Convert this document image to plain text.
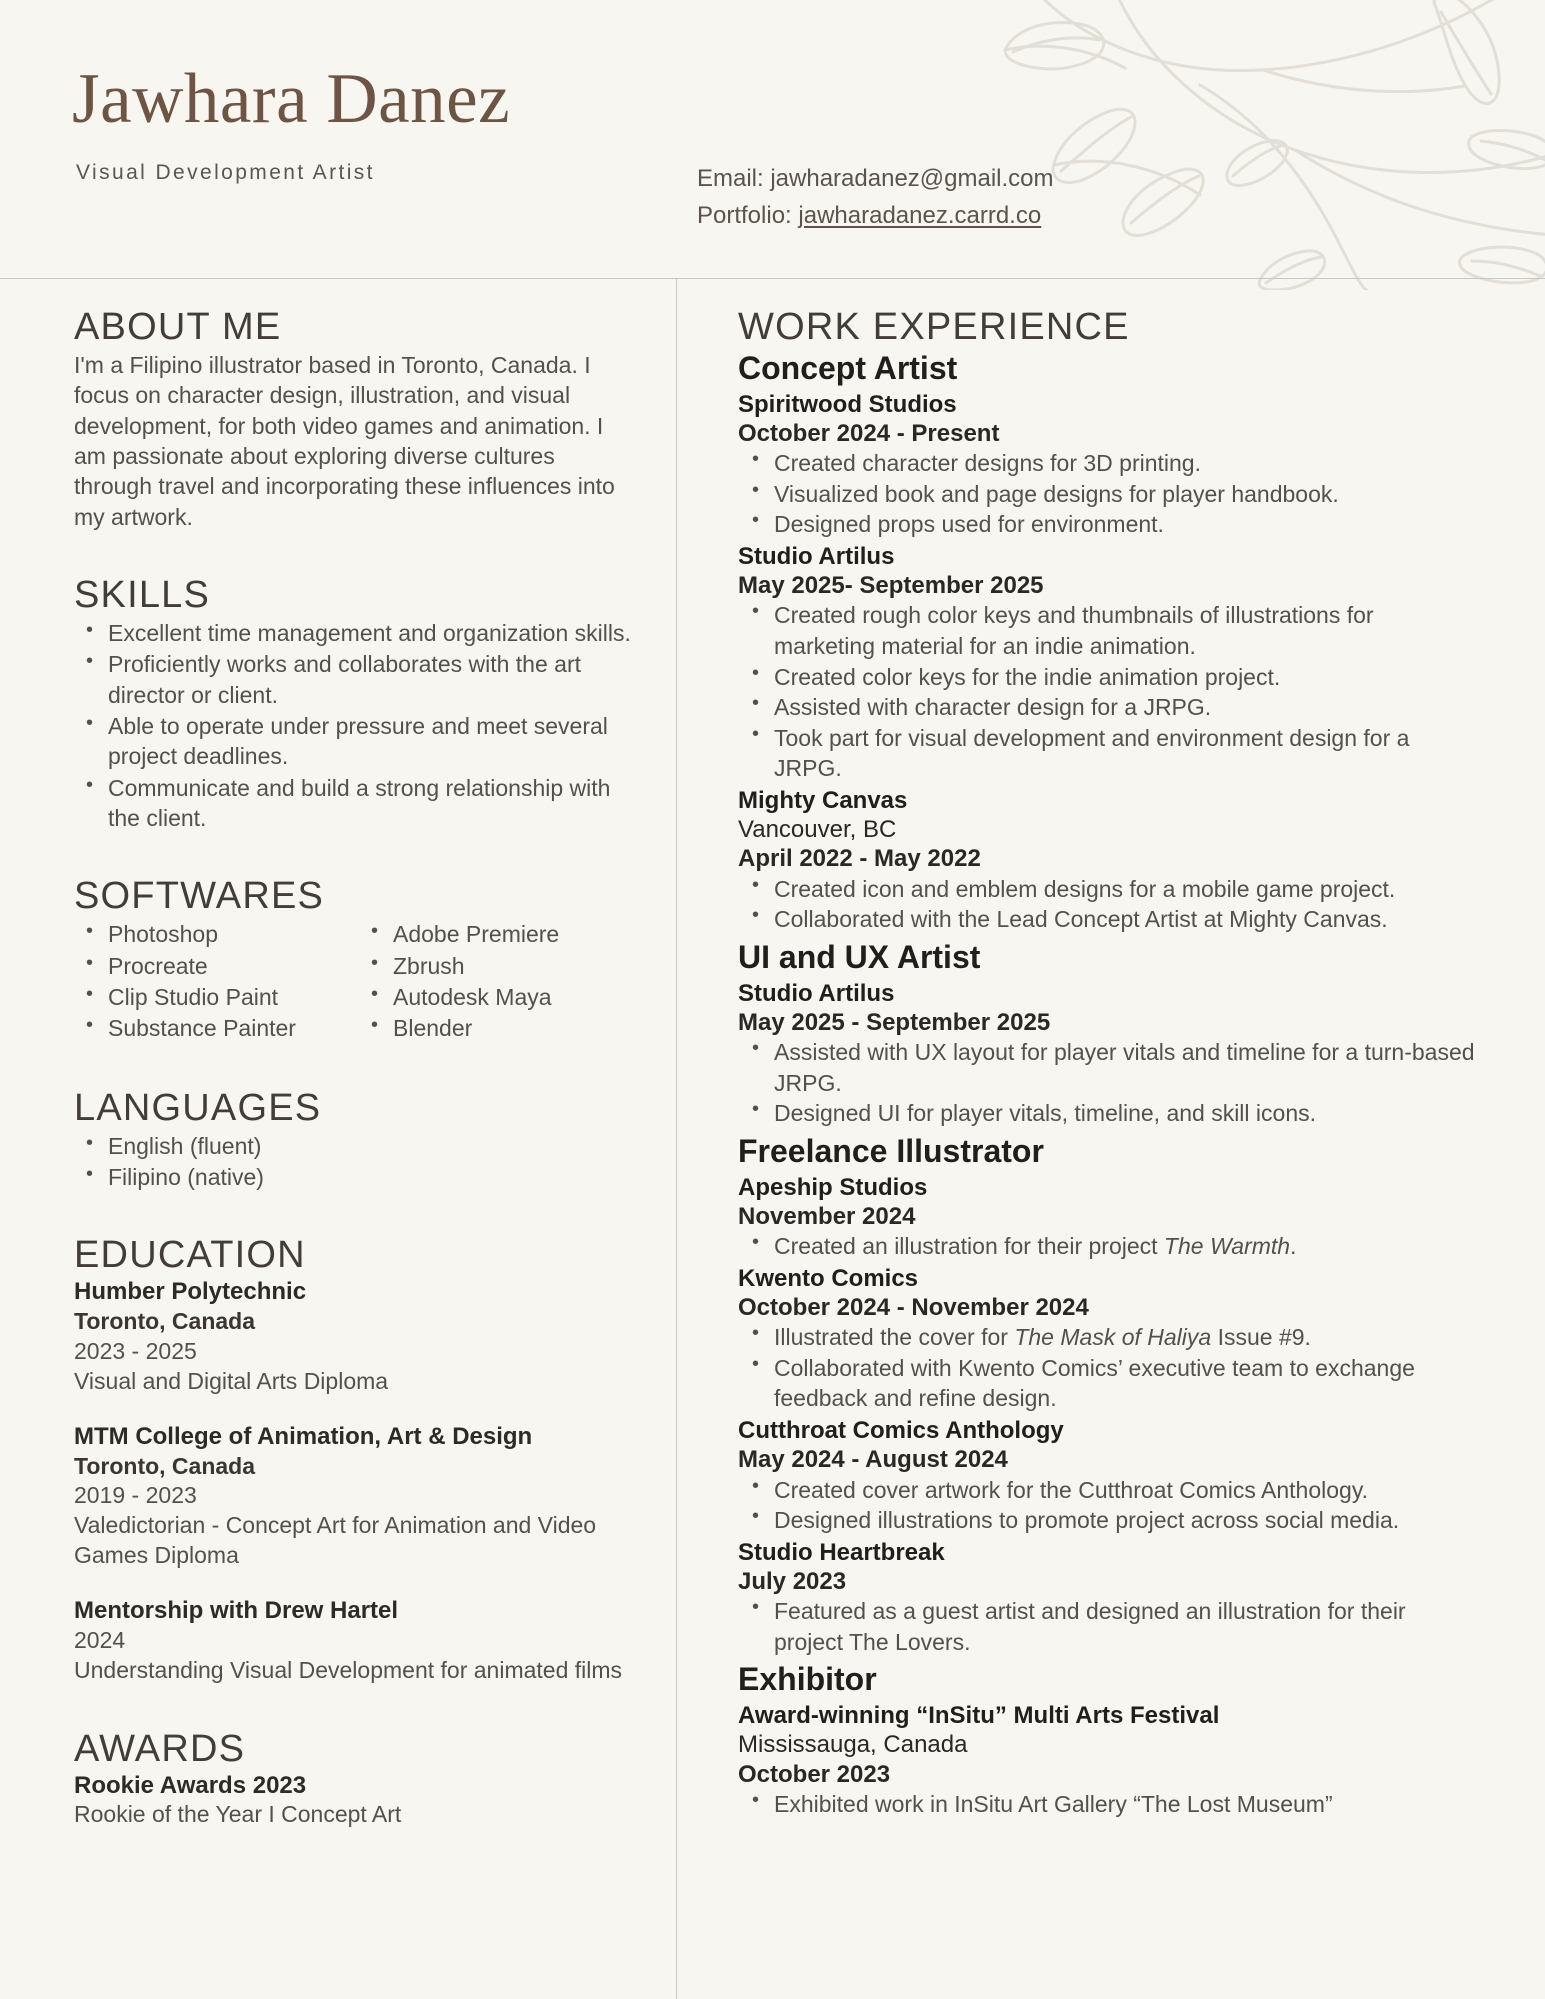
Jawhara Danez
Visual Development Artist	Email: jawharadanez@gmail.com
Portfolio: jawharadanez.carrd.co
ABOUT ME
I'm a Filipino illustrator based in Toronto, Canada. I focus on character design, illustration, and visual development, for both video games and animation. I am passionate about exploring diverse cultures through travel and incorporating these influences into my artwork.
SKILLS
• Excellent time management and organization skills.
• Proficiently works and collaborates with the art director or client.
• Able to operate under pressure and meet several project deadlines.
• Communicate and build a strong relationship with the client.
SOFTWARES
• Photoshop
• Procreate
• Clip Studio Paint
• Substance Painter
• Adobe Premiere
• Zbrush
• Autodesk Maya
• Blender
LANGUAGES
• English (fluent)
• Filipino (native)
EDUCATION
Humber Polytechnic
Toronto, Canada
2023 - 2025
Visual and Digital Arts Diploma
MTM College of Animation, Art & Design
Toronto, Canada
2019 - 2023
Valedictorian - Concept Art for Animation and Video Games Diploma
Mentorship with Drew Hartel
2024
Understanding Visual Development for animated films
AWARDS
Rookie Awards 2023
Rookie of the Year I Concept Art
WORK EXPERIENCE
Concept Artist
Spiritwood Studios
October 2024 - Present
• Created character designs for 3D printing.
• Visualized book and page designs for player handbook.
• Designed props used for environment.
Studio Artilus
May 2025- September 2025
• Created rough color keys and thumbnails of illustrations for marketing material for an indie animation.
• Created color keys for the indie animation project.
• Assisted with character design for a JRPG.
• Took part for visual development and environment design for a JRPG.
Mighty Canvas
Vancouver, BC
April 2022 - May 2022
• Created icon and emblem designs for a mobile game project.
• Collaborated with the Lead Concept Artist at Mighty Canvas.
UI and UX Artist
Studio Artilus
May 2025 - September 2025
• Assisted with UX layout for player vitals and timeline for a turn-based JRPG.
• Designed UI for player vitals, timeline, and skill icons.
Freelance Illustrator
Apeship Studios
November 2024
• Created an illustration for their project The Warmth.
Kwento Comics
October 2024 - November 2024
• Illustrated the cover for The Mask of Haliya Issue #9.
• Collaborated with Kwento Comics’ executive team to exchange feedback and refine design.
Cutthroat Comics Anthology
May 2024 - August 2024
• Created cover artwork for the Cutthroat Comics Anthology.
• Designed illustrations to promote project across social media.
Studio Heartbreak
July 2023
• Featured as a guest artist and designed an illustration for their project The Lovers.
Exhibitor
Award-winning “InSitu” Multi Arts Festival
Mississauga, Canada
October 2023
• Exhibited work in InSitu Art Gallery “The Lost Museum”
